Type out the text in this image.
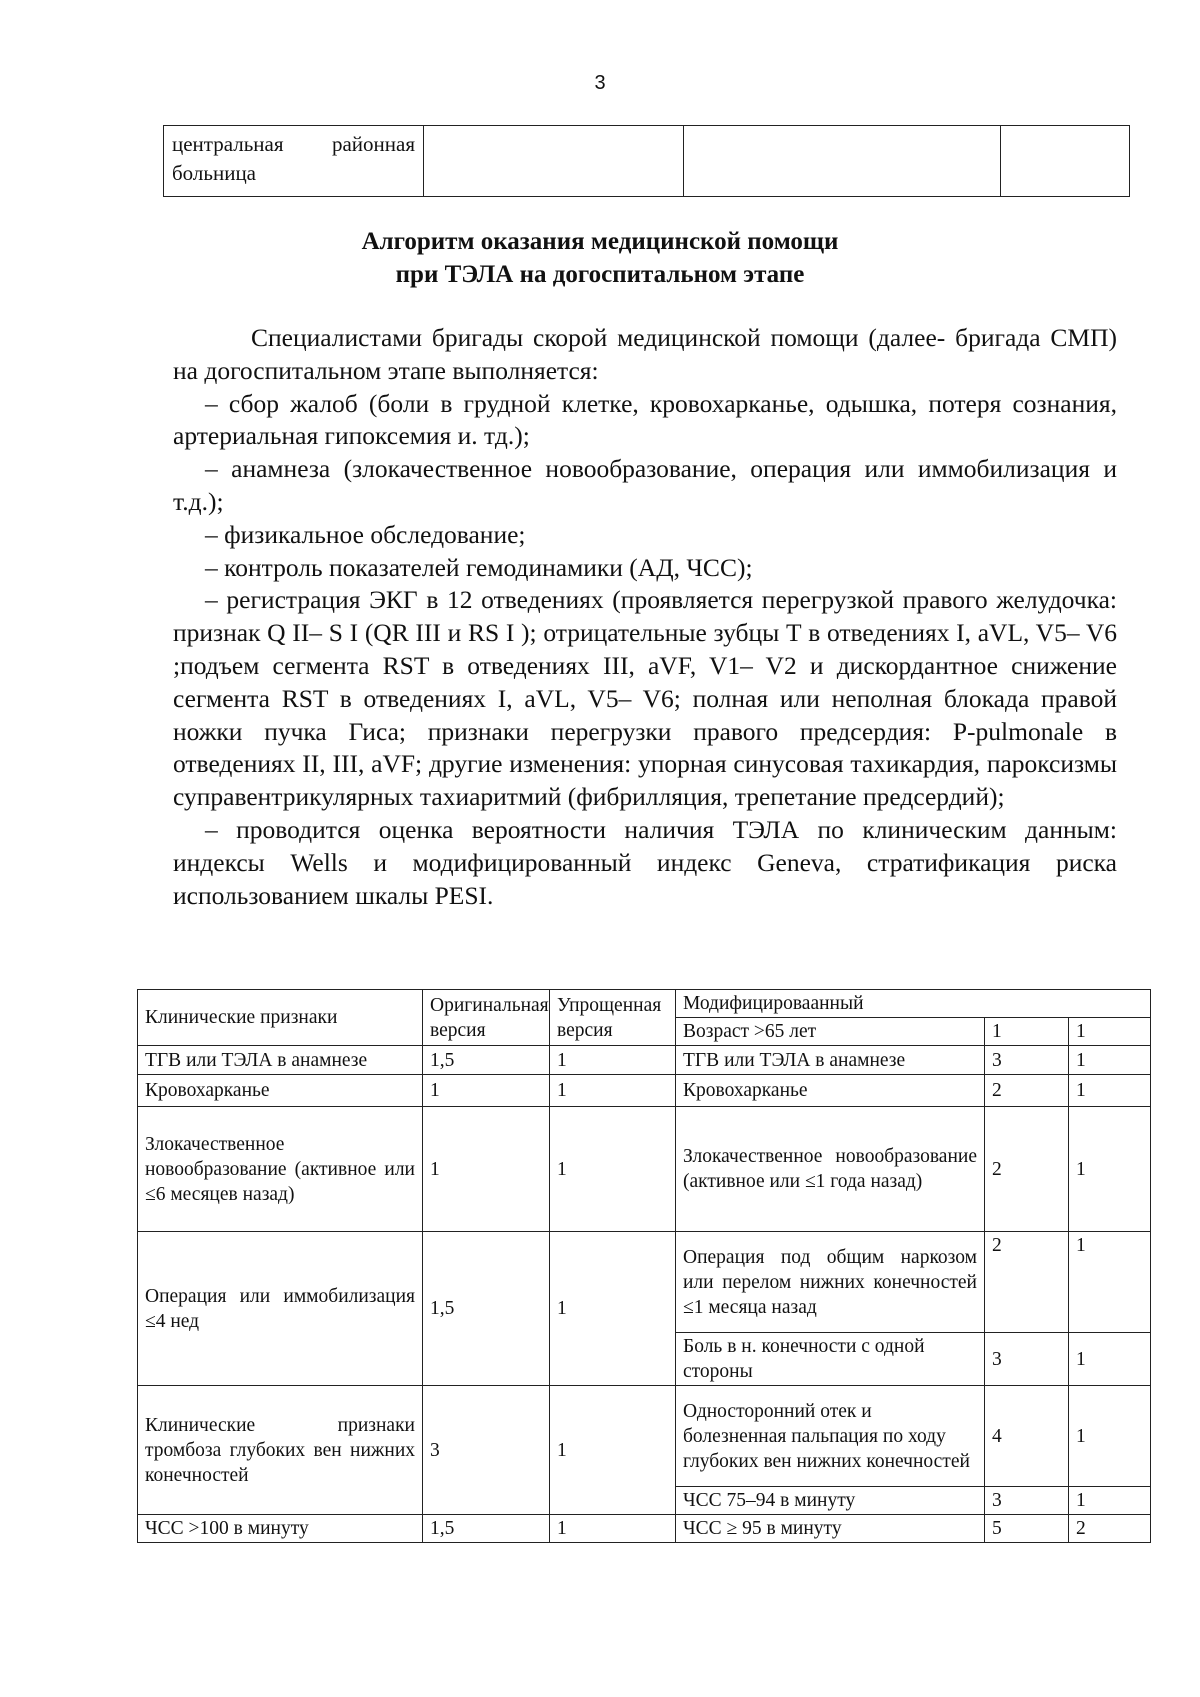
3
центральная районная больница			
Алгоритм оказания медицинской помощи
при ТЭЛА на догоспитальном этапе

Специалистами бригады скорой медицинской помощи (далее- бригада СМП) на догоспитальном этапе выполняется:

– сбор жалоб (боли в грудной клетке, кровохарканье, одышка, потеря сознания, артериальная гипоксемия и. тд.);

– анамнеза (злокачественное новообразование, операция или иммобилизация и т.д.);

– физикальное обследование;

– контроль показателей гемодинамики (АД, ЧСС);

– регистрация ЭКГ в 12 отведениях (проявляется перегрузкой правого желудочка: признак Q II– S I (QR III и RS I ); отрицательные зубцы Т в отведениях I, aVL, V5– V6 ;подъем сегмента RST в отведениях III, aVF, V1– V2 и дискордантное снижение сегмента RST в отведениях I, aVL, V5– V6; полная или неполная блокада правой ножки пучка Гиса; признаки перегрузки правого предсердия: P-pulmonale в отведениях II, III, aVF; другие изменения: упорная синусовая тахикардия, пароксизмы суправентрикулярных тахиаритмий (фибрилляция, трепетание предсердий);

– проводится оценка вероятности наличия ТЭЛА по клиническим данным: индексы Wells и модифицированный индекс Geneva, стратификация риска использованием шкалы PESI.

Клинические признаки	Оригинальная версия	Упрощенная версия	Модифицироваанный		
			Возраст >65 лет	1	1
ТГВ или ТЭЛА в анамнезе	1,5	1	ТГВ или ТЭЛА в анамнезе	3	1
Кровохарканье	1	1	Кровохарканье	2	1
Злокачественное новообразование (активное или ≤6 месяцев назад)	1	1	Злокачественное новообразование (активное или ≤1 года назад)	2	1
Операция или иммобилизация ≤4 нед	1,5	1	Операция под общим наркозом или перелом нижних конечностей ≤1 месяца назад	2	1
			Боль в н. конечности с одной стороны	3	1
Клинические признаки тромбоза глубоких вен нижних конечностей	3	1	Односторонний отек и болезненная пальпация по ходу глубоких вен нижних конечностей	4	1
			ЧСС 75–94 в минуту	3	1
ЧСС >100 в минуту	1,5	1	ЧСС ≥ 95 в минуту	5	2
